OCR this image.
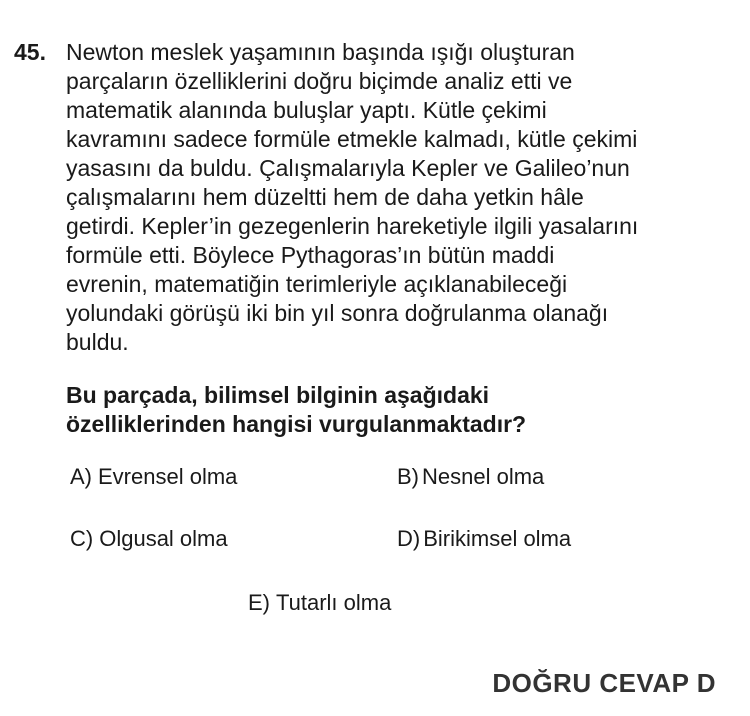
45. Newton meslek yaşamının başında ışığı oluşturan
parçaların özelliklerini doğru biçimde analiz etti ve
matematik alanında buluşlar yaptı. Kütle çekimi
kavramını sadece formüle etmekle kalmadı, kütle çekimi
yasasını da buldu. Çalışmalarıyla Kepler ve Galileo’nun
çalışmalarını hem düzeltti hem de daha yetkin hâle
getirdi. Kepler’in gezegenlerin hareketiyle ilgili yasalarını
formüle etti. Böylece Pythagoras’ın bütün maddi
evrenin, matematiğin terimleriyle açıklanabileceği
yolundaki görüşü iki bin yıl sonra doğrulanma olanağı
buldu.
Bu parçada, bilimsel bilginin aşağıdaki
özelliklerinden hangisi vurgulanmaktadır?
A) Evrensel olma	B) Nesnel olma
C) Olgusal olma	D) Birikimsel olma
E) Tutarlı olma
DOĞRU CEVAP D
